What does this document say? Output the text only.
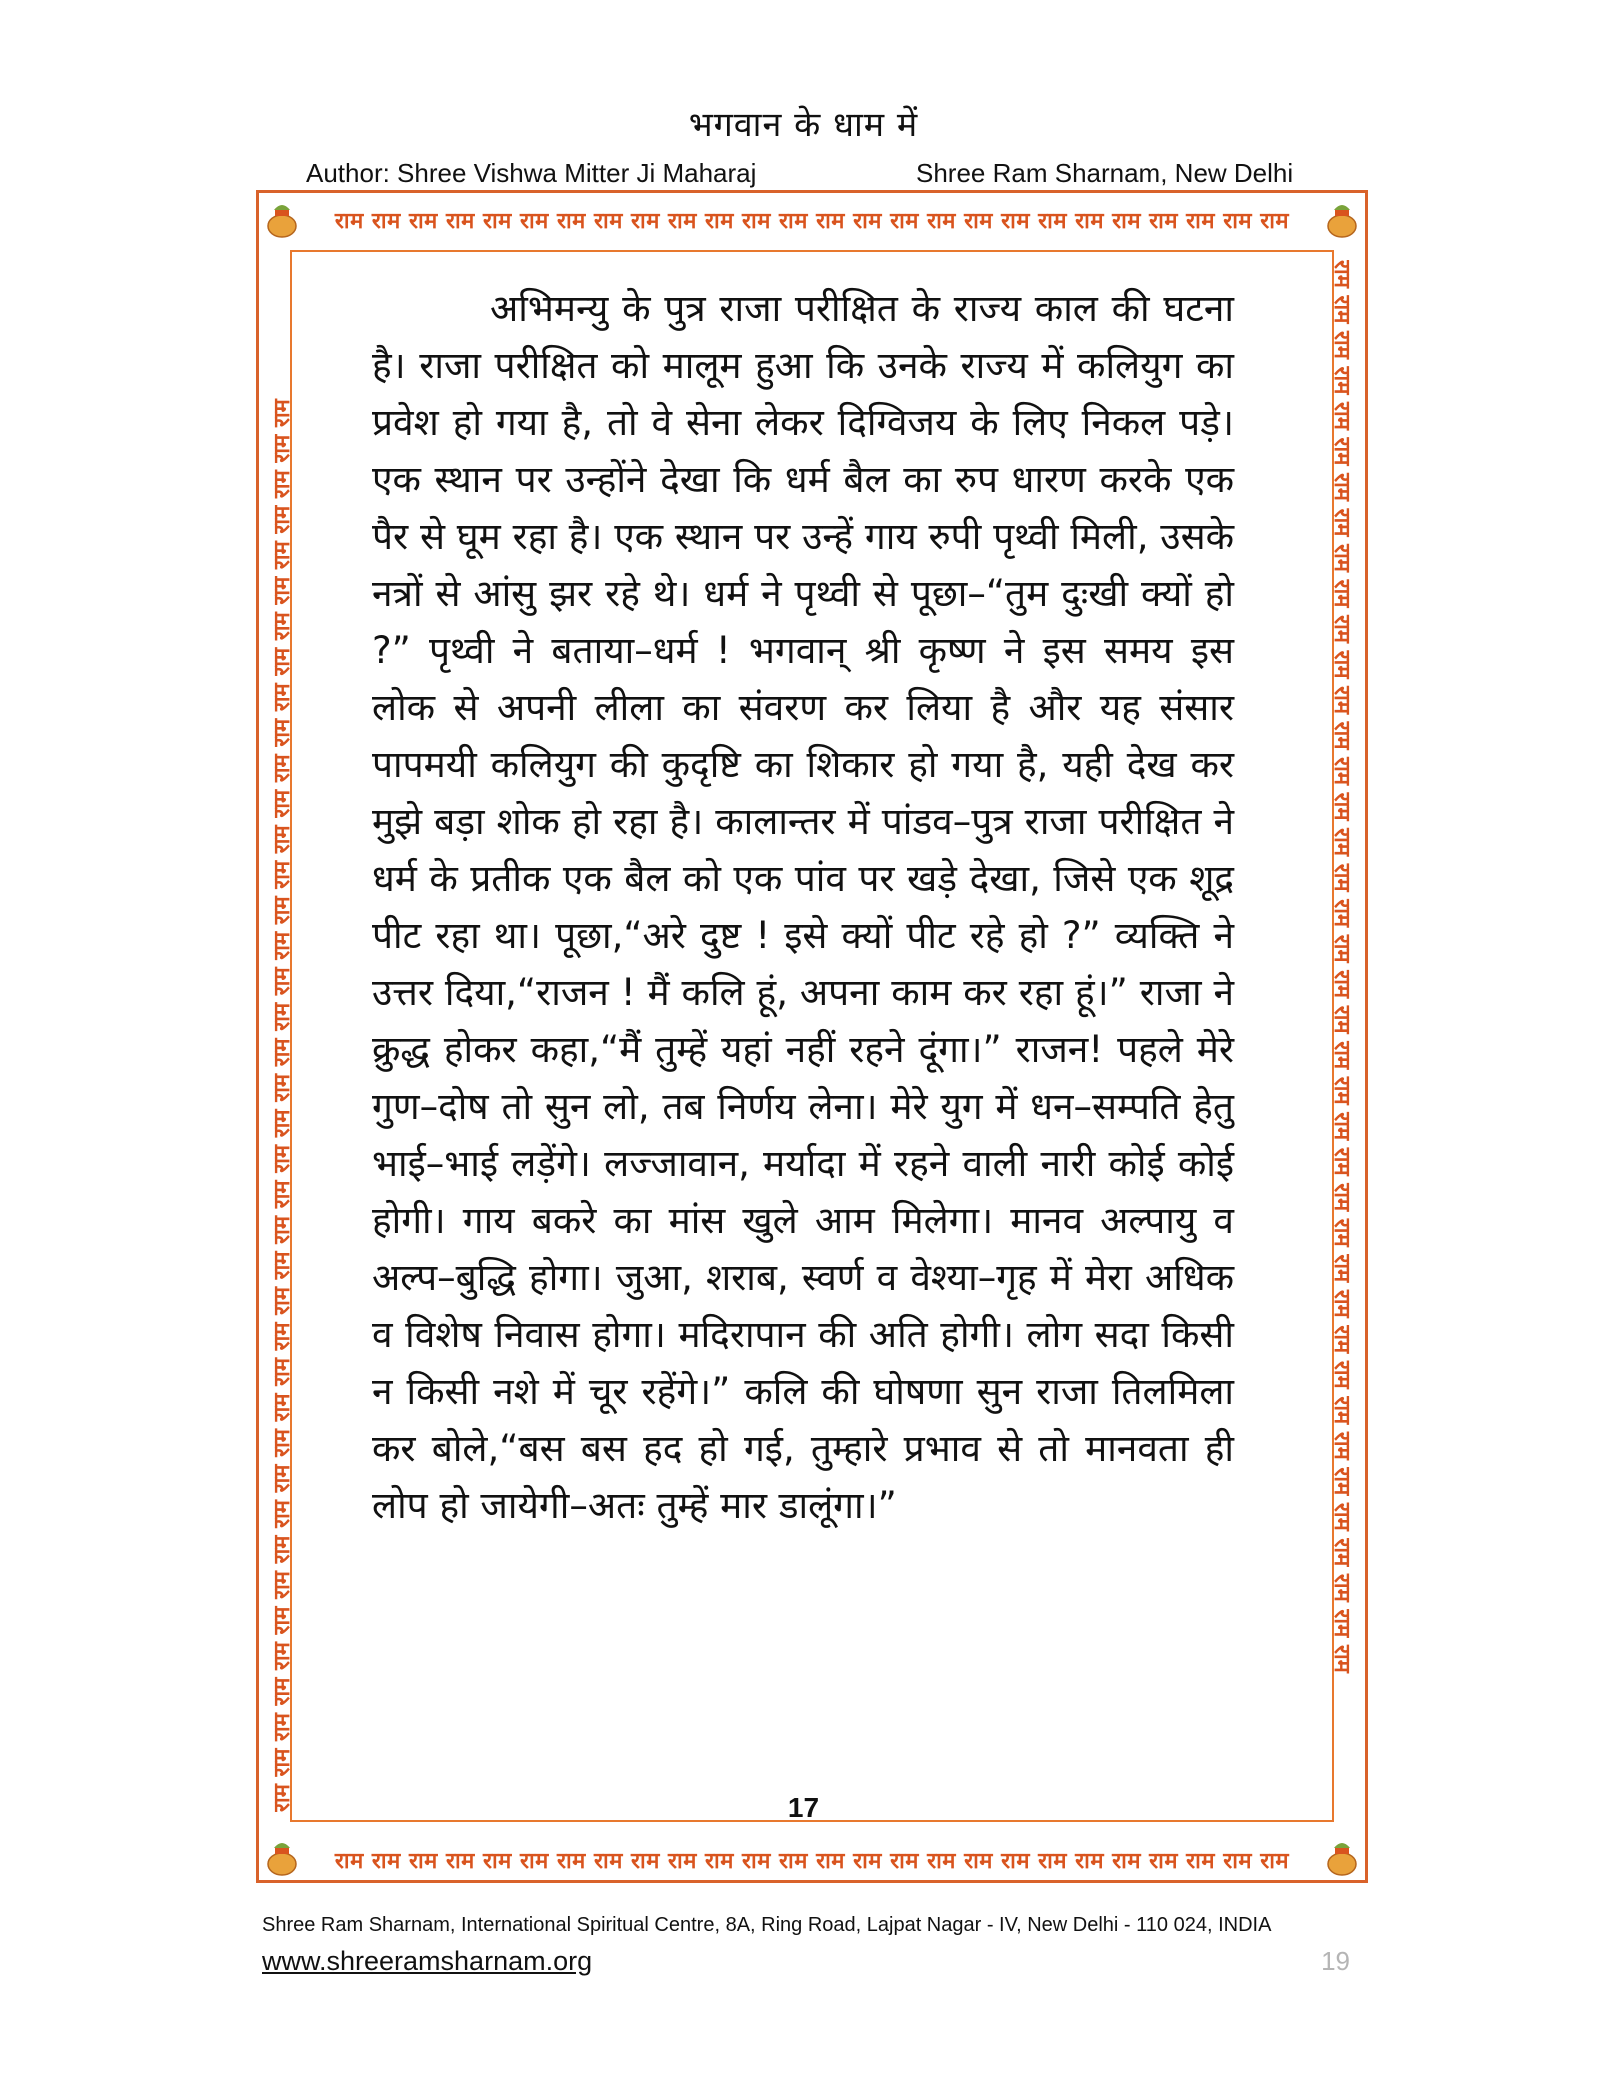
भगवान के धाम में
Author: Shree Vishwa Mitter Ji Maharaj	Shree Ram Sharnam, New Delhi
राम राम राम राम राम राम राम राम राम राम राम राम राम राम राम राम राम राम राम राम राम राम राम राम राम राम
राम राम राम राम राम राम राम राम राम राम राम राम राम राम राम राम राम राम राम राम राम राम राम राम राम राम
राम राम राम राम राम राम राम राम राम राम राम राम राम राम राम राम राम राम राम राम राम राम राम राम राम राम राम राम राम राम राम राम राम राम राम राम राम राम राम राम	राम राम राम राम राम राम राम राम राम राम राम राम राम राम राम राम राम राम राम राम राम राम राम राम राम राम राम राम राम राम राम राम राम राम राम राम राम राम राम राम
अभिमन्यु के पुत्र राजा परीक्षित के राज्य काल की घटना है। राजा परीक्षित को मालूम हुआ कि उनके राज्य में कलियुग का प्रवेश हो गया है, तो वे सेना लेकर दिग्विजय के लिए निकल पड़े। एक स्थान पर उन्होंने देखा कि धर्म बैल का रुप धारण करके एक पैर से घूम रहा है। एक स्थान पर उन्हें गाय रुपी पृथ्वी मिली, उसके नत्रों से आंसु झर रहे थे। धर्म ने पृथ्वी से पूछा–“तुम दुःखी क्यों हो ?” पृथ्वी ने बताया–धर्म ! भगवान् श्री कृष्ण ने इस समय इस लोक से अपनी लीला का संवरण कर लिया है और यह संसार पापमयी कलियुग की कुदृष्टि का शिकार हो गया है, यही देख कर मुझे बड़ा शोक हो रहा है। कालान्तर में पांडव–पुत्र राजा परीक्षित ने धर्म के प्रतीक एक बैल को एक पांव पर खड़े देखा, जिसे एक शूद्र पीट रहा था। पूछा,“अरे दुष्ट ! इसे क्यों पीट रहे हो ?” व्यक्ति ने उत्तर दिया,“राजन ! मैं कलि हूं, अपना काम कर रहा हूं।” राजा ने क्रुद्ध होकर कहा,“मैं तुम्हें यहां नहीं रहने दूंगा।” राजन! पहले मेरे गुण–दोष तो सुन लो, तब निर्णय लेना। मेरे युग में धन–सम्पति हेतु भाई–भाई लड़ेंगे। लज्जावान, मर्यादा में रहने वाली नारी कोई कोई होगी। गाय बकरे का मांस खुले आम मिलेगा। मानव अल्पायु व अल्प–बुद्धि होगा। जुआ, शराब, स्वर्ण व वेश्या–गृह में मेरा अधिक व विशेष निवास होगा। मदिरापान की अति होगी। लोग सदा किसी न किसी नशे में चूर रहेंगे।” कलि की घोषणा सुन राजा तिलमिला कर बोले,“बस बस हद हो गई, तुम्हारे प्रभाव से तो मानवता ही लोप हो जायेगी–अतः तुम्हें मार डालूंगा।”
17
Shree Ram Sharnam, International Spiritual Centre, 8A, Ring Road, Lajpat Nagar - IV, New Delhi - 110 024, INDIA
www.shreeramsharnam.org	19
